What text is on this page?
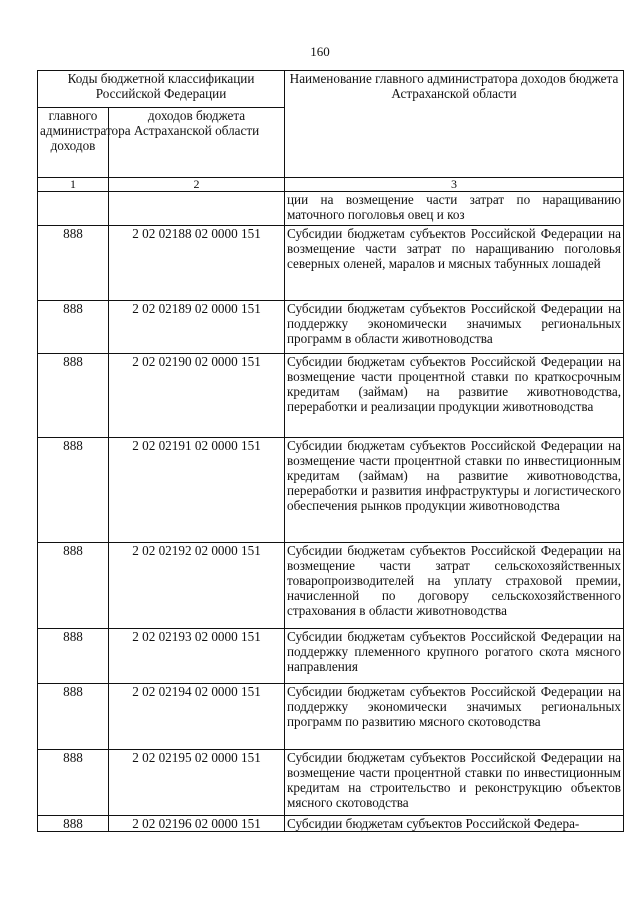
160
Коды бюджетной классификации Российской Федерации		Наименование главного администратора доходов бюджета Астраханской области
главного администратора доходов	доходов бюджета Астраханской области	
1	2	3
		ции на возмещение части затрат по наращиванию маточного поголовья овец и коз
888	2 02 02188 02 0000 151	Субсидии бюджетам субъектов Российской Федерации на возмещение части затрат по наращиванию поголовья северных оленей, маралов и мясных табунных лошадей
888	2 02 02189 02 0000 151	Субсидии бюджетам субъектов Российской Федерации на поддержку экономически значимых региональных программ в области животноводства
888	2 02 02190 02 0000 151	Субсидии бюджетам субъектов Российской Федерации на возмещение части процентной ставки по краткосрочным кредитам (займам) на развитие животноводства, переработки и реализации продукции животноводства
888	2 02 02191 02 0000 151	Субсидии бюджетам субъектов Российской Федерации на возмещение части процентной ставки по инвестиционным кредитам (займам) на развитие животноводства, переработки и развития инфраструктуры и логистического обеспечения рынков продукции животноводства
888	2 02 02192 02 0000 151	Субсидии бюджетам субъектов Российской Федерации на возмещение части затрат сельскохозяйственных товаропроизводителей на уплату страховой премии, начисленной по договору сельскохозяйственного страхования в области животноводства
888	2 02 02193 02 0000 151	Субсидии бюджетам субъектов Российской Федерации на поддержку племенного крупного рогатого скота мясного направления
888	2 02 02194 02 0000 151	Субсидии бюджетам субъектов Российской Федерации на поддержку экономически значимых региональных программ по развитию мясного скотоводства
888	2 02 02195 02 0000 151	Субсидии бюджетам субъектов Российской Федерации на возмещение части процентной ставки по инвестиционным кредитам на строительство и реконструкцию объектов мясного скотоводства
888	2 02 02196 02 0000 151	Субсидии бюджетам субъектов Российской Федера-
